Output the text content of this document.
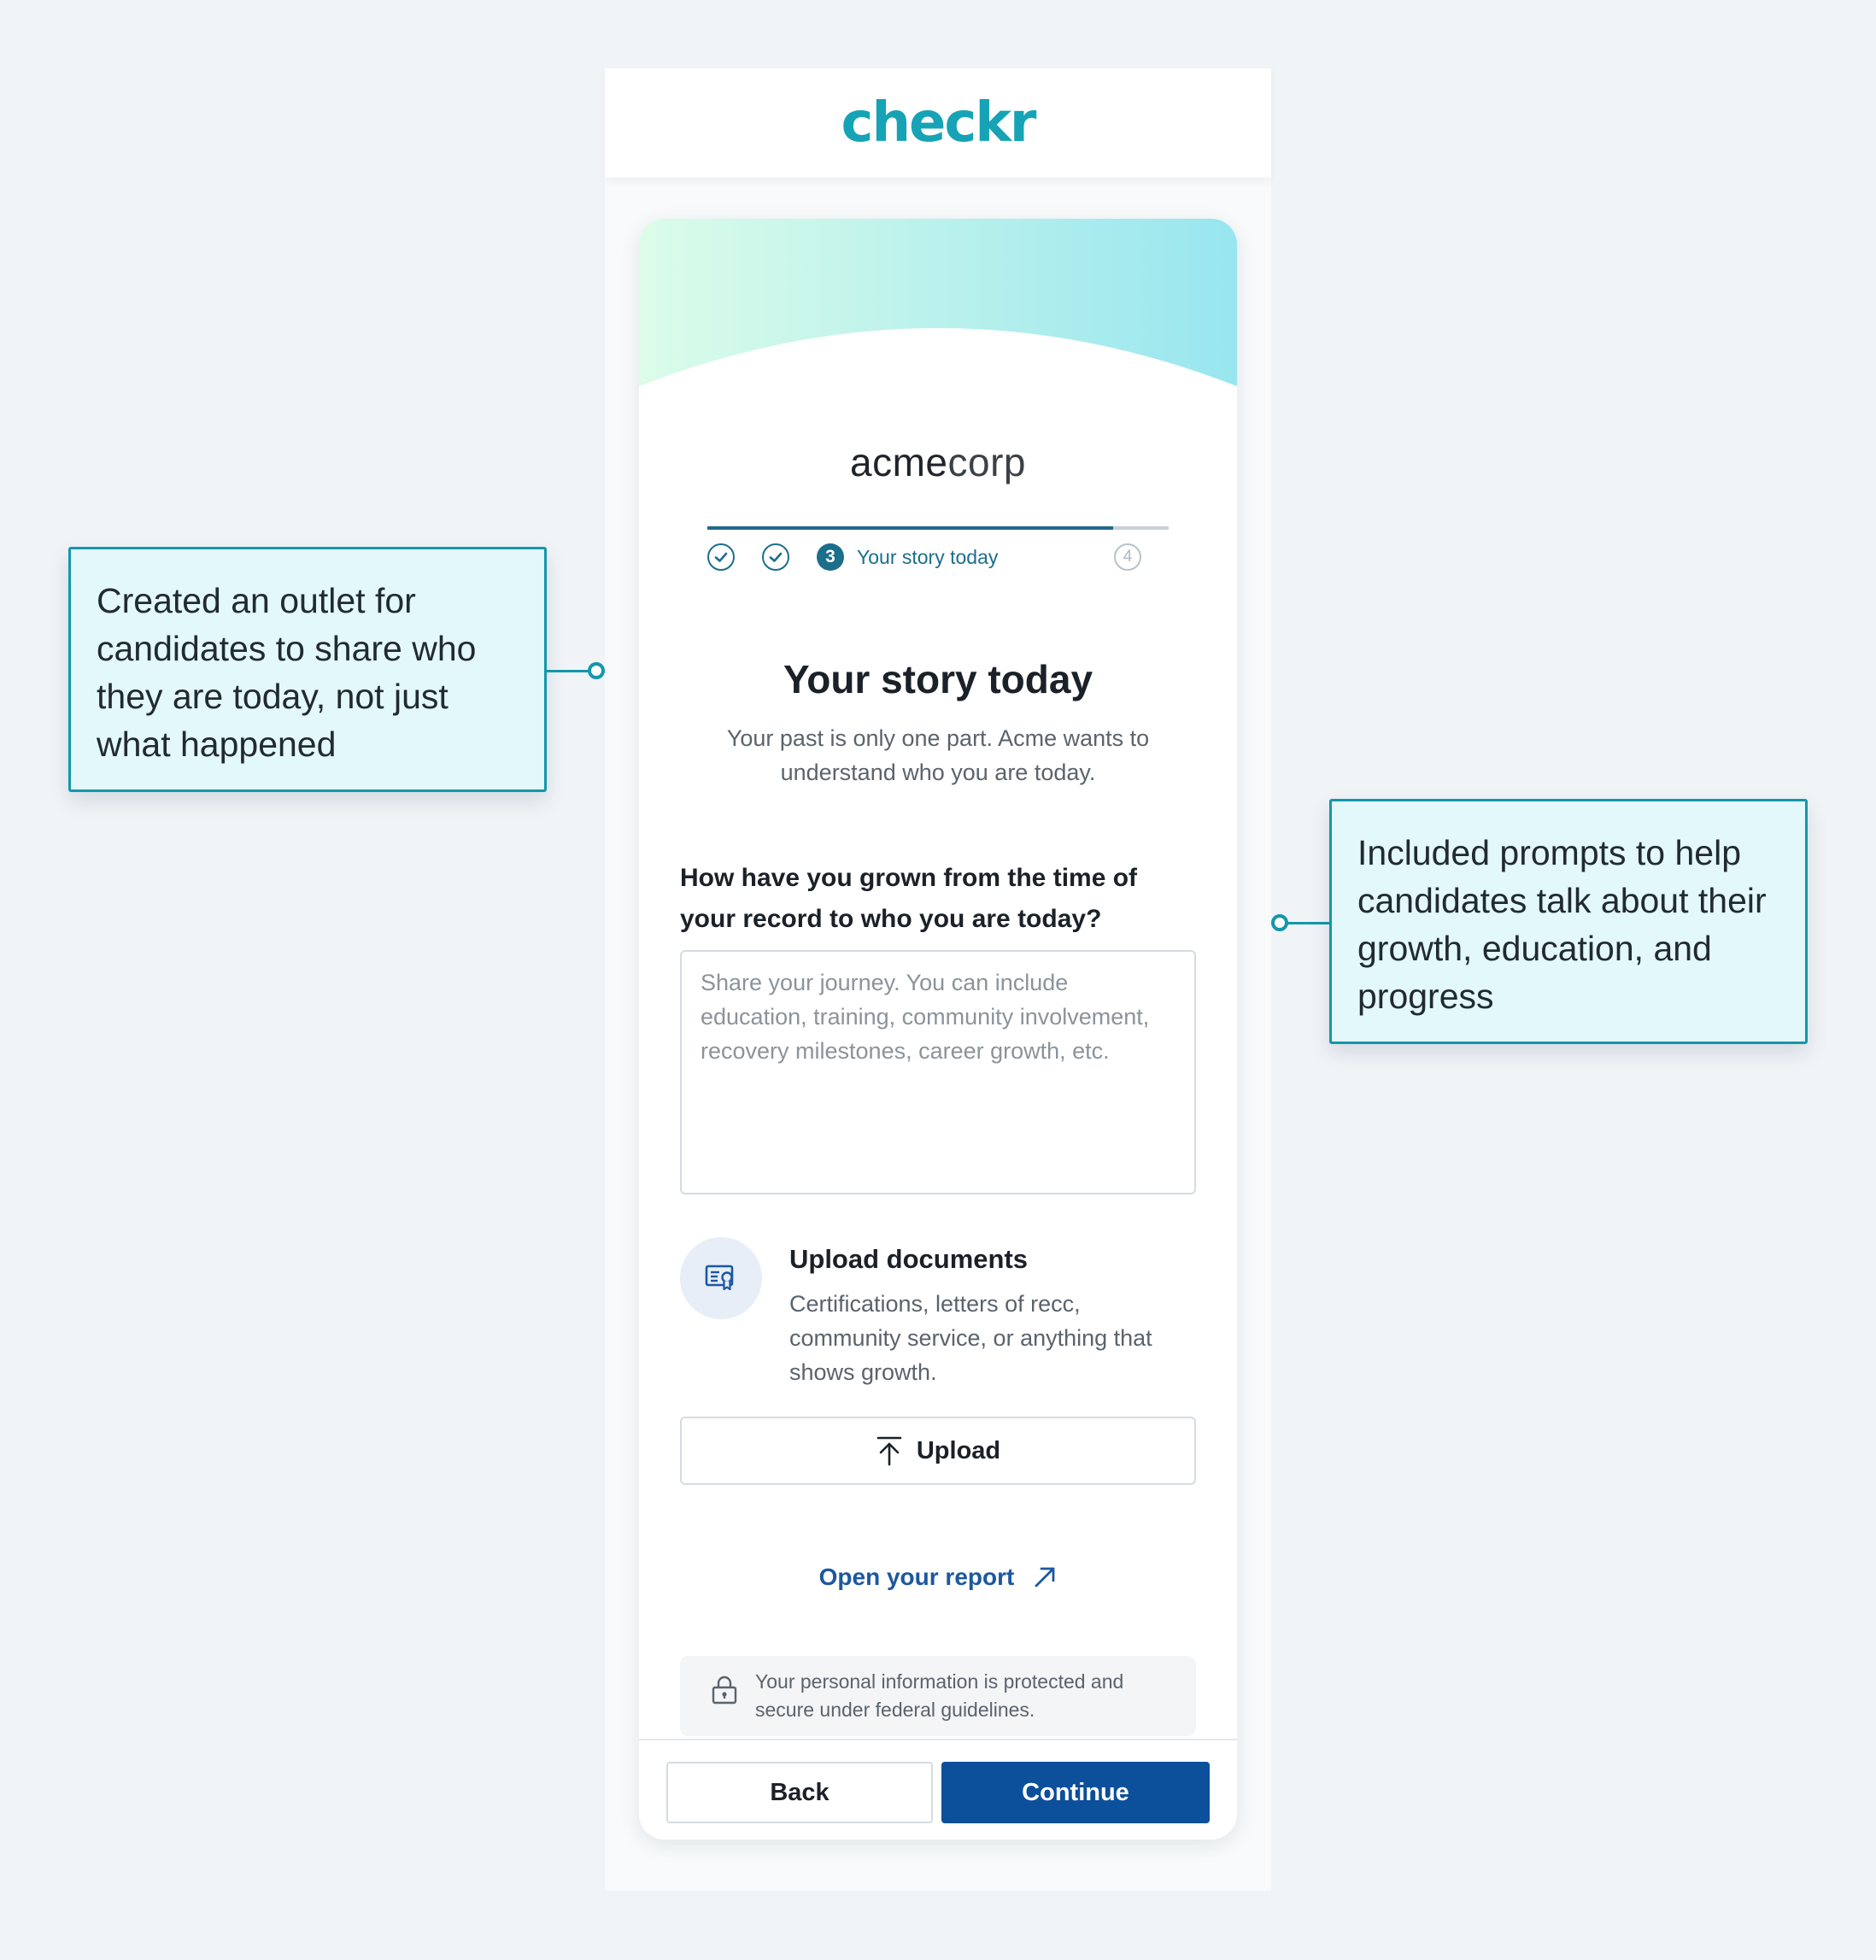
Created an outlet for candidates to share who they are today, not just what happened
Included prompts to help candidates talk about their growth, education, and progress
checkr
acmecorp
3	Your story today	4
Your story today

Your past is only one part. Acme wants to understand who you are today.

How have you grown from the time of your record to who you are today?
Share your journey. You can include education, training, community involvement, recovery milestones, career growth, etc.
Upload documents

Certifications, letters of recc, community service, or anything that shows growth.

Upload
Open your report

Your personal information is protected and secure under federal guidelines.

Back	Continue
